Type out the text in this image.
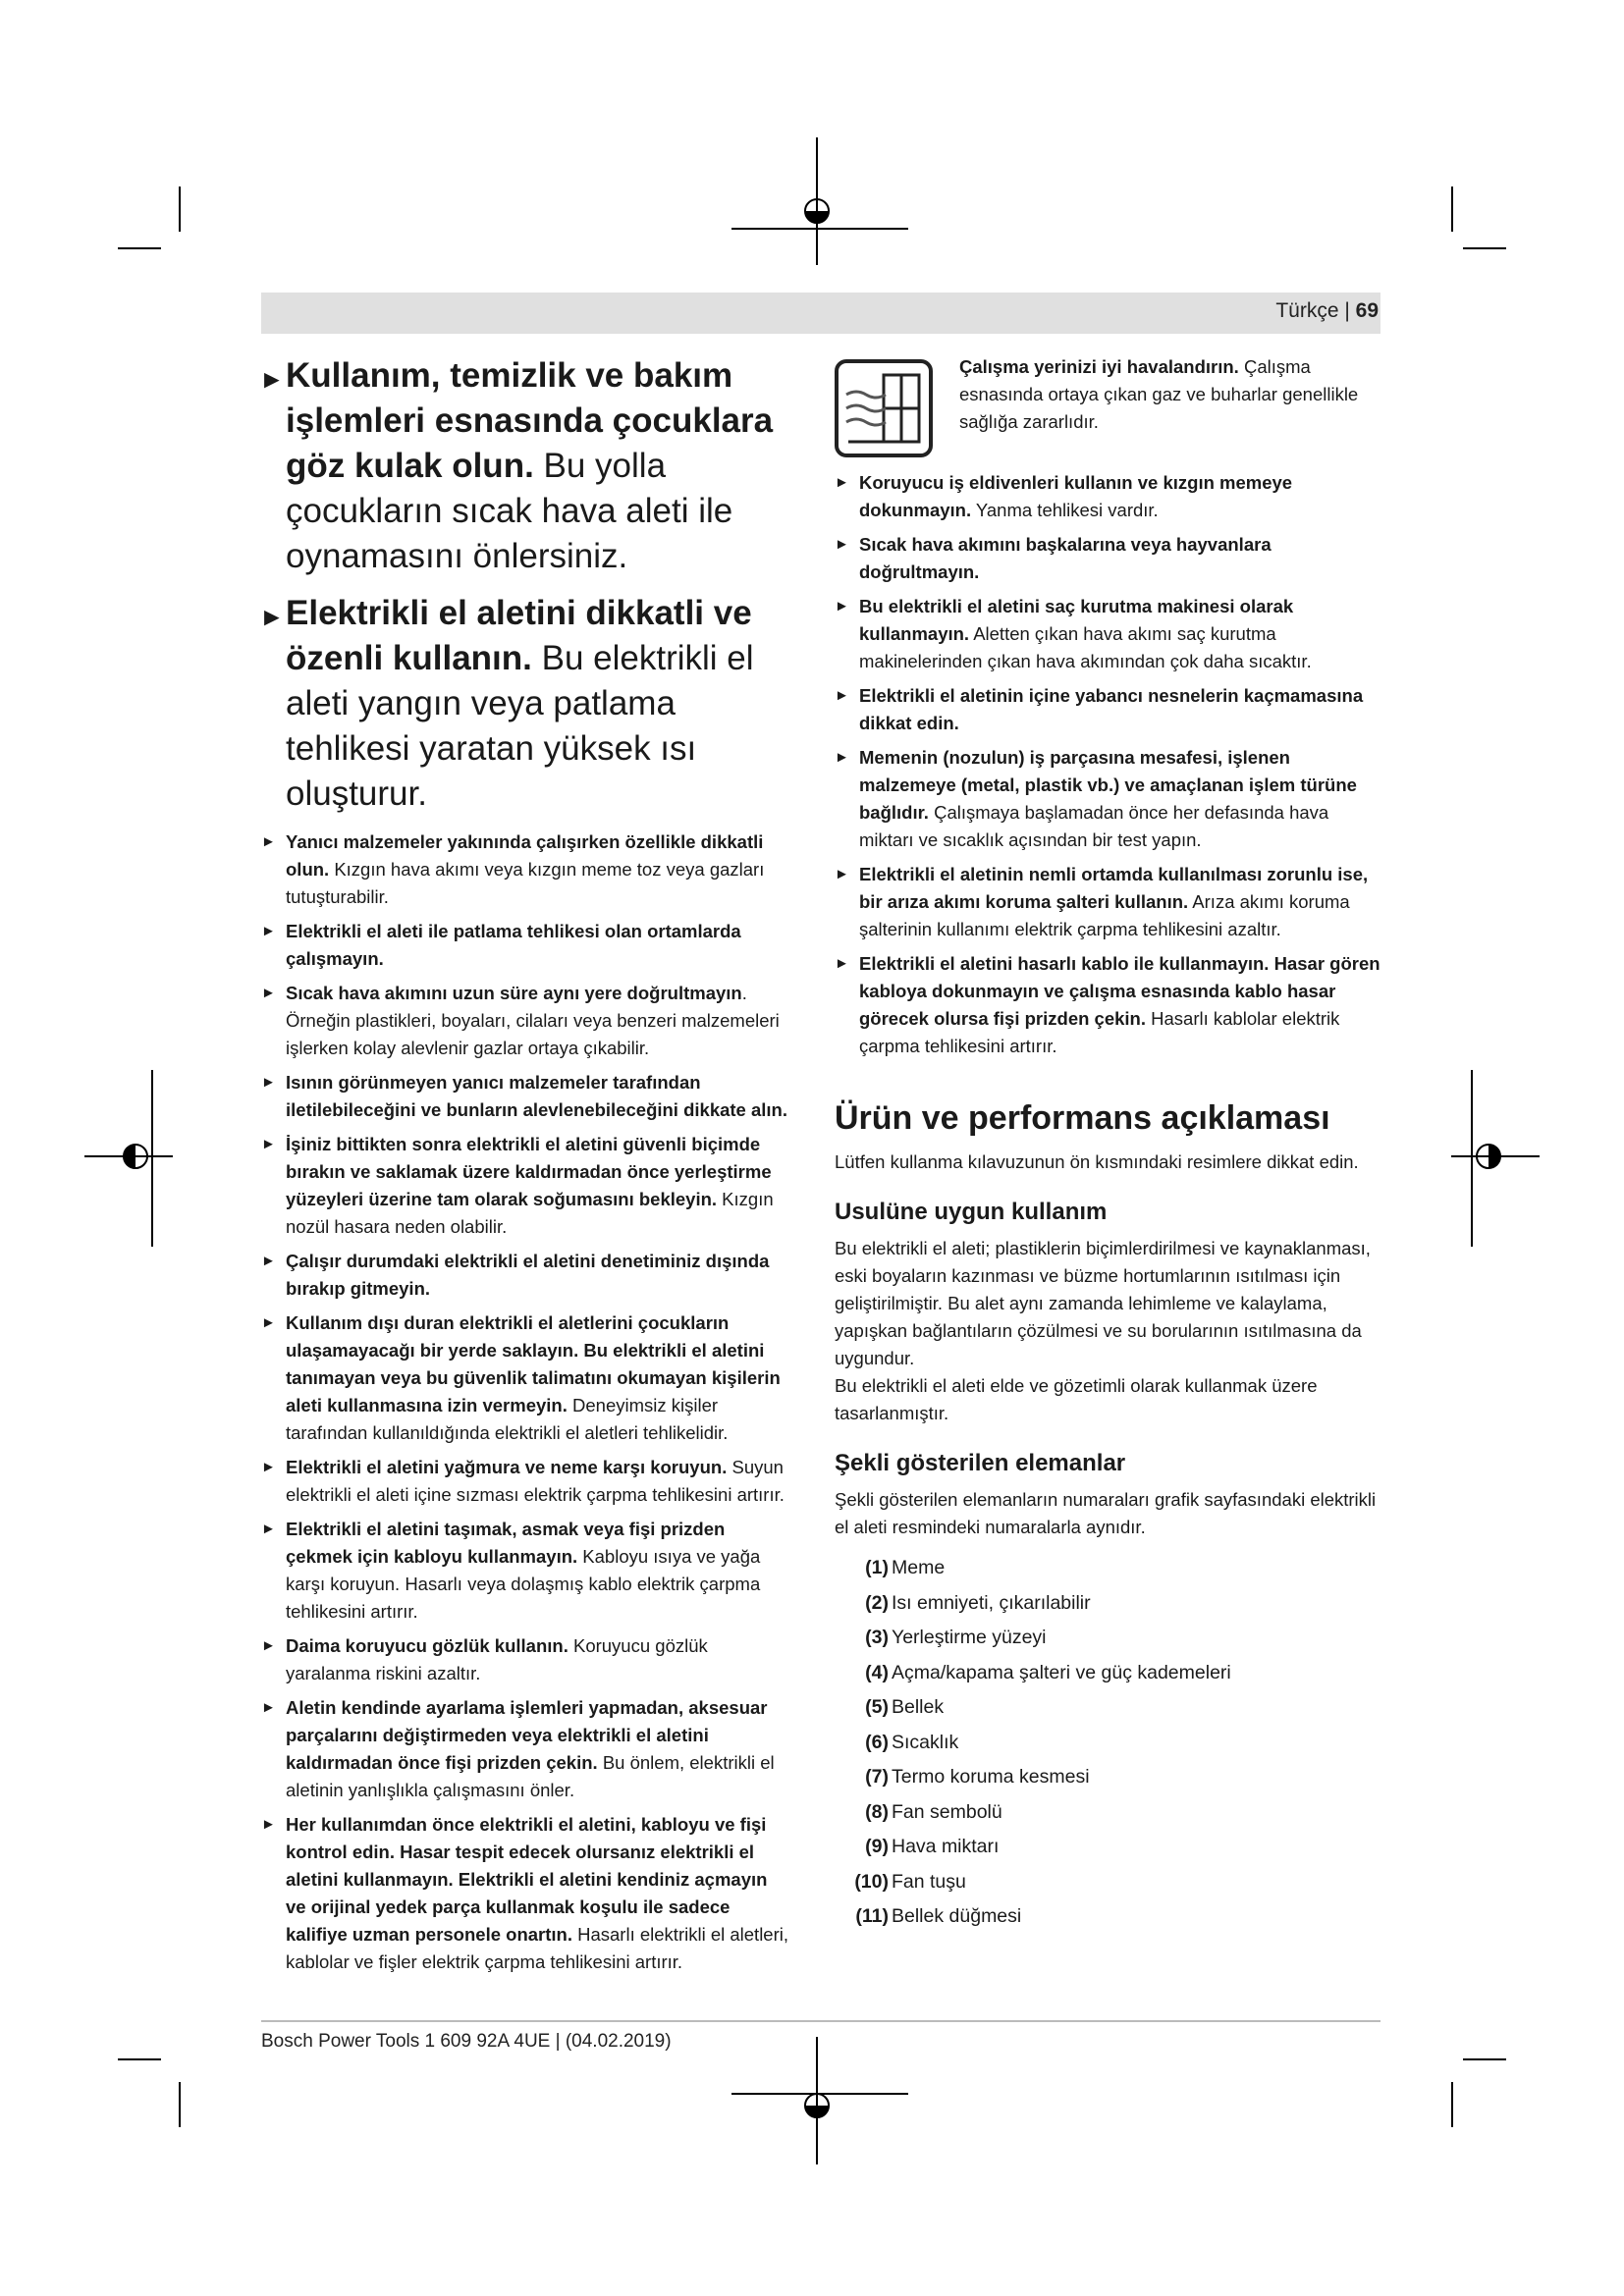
Türkçe | 69
► Kullanım, temizlik ve bakım işlemleri esnasında çocuklara göz kulak olun. Bu yolla çocukların sıcak hava aleti ile oynamasını önlersiniz.
► Elektrikli el aletini dikkatli ve özenli kullanın. Bu elektrikli el aleti yangın veya patlama tehlikesi yaratan yüksek ısı oluşturur.
► Yanıcı malzemeler yakınında çalışırken özellikle dikkatli olun. Kızgın hava akımı veya kızgın meme toz veya gazları tutuşturabilir.
► Elektrikli el aleti ile patlama tehlikesi olan ortamlarda çalışmayın.
► Sıcak hava akımını uzun süre aynı yere doğrultmayın. Örneğin plastikleri, boyaları, cilaları veya benzeri malzemeleri işlerken kolay alevlenir gazlar ortaya çıkabilir.
► Isının görünmeyen yanıcı malzemeler tarafından iletilebileceğini ve bunların alevlenebileceğini dikkate alın.
► İşiniz bittikten sonra elektrikli el aletini güvenli biçimde bırakın ve saklamak üzere kaldırmadan önce yerleştirme yüzeyleri üzerine tam olarak soğumasını bekleyin. Kızgın nozül hasara neden olabilir.
► Çalışır durumdaki elektrikli el aletini denetiminiz dışında bırakıp gitmeyin.
► Kullanım dışı duran elektrikli el aletlerini çocukların ulaşamayacağı bir yerde saklayın. Bu elektrikli el aletini tanımayan veya bu güvenlik talimatını okumayan kişilerin aleti kullanmasına izin vermeyin. Deneyimsiz kişiler tarafından kullanıldığında elektrikli el aletleri tehlikelidir.
► Elektrikli el aletini yağmura ve neme karşı koruyun. Suyun elektrikli el aleti içine sızması elektrik çarpma tehlikesini artırır.
► Elektrikli el aletini taşımak, asmak veya fişi prizden çekmek için kabloyu kullanmayın. Kabloyu ısıya ve yağa karşı koruyun. Hasarlı veya dolaşmış kablo elektrik çarpma tehlikesini artırır.
► Daima koruyucu gözlük kullanın. Koruyucu gözlük yaralanma riskini azaltır.
► Aletin kendinde ayarlama işlemleri yapmadan, aksesuar parçalarını değiştirmeden veya elektrikli el aletini kaldırmadan önce fişi prizden çekin. Bu önlem, elektrikli el aletinin yanlışlıkla çalışmasını önler.
► Her kullanımdan önce elektrikli el aletini, kabloyu ve fişi kontrol edin. Hasar tespit edecek olursanız elektrikli el aletini kullanmayın. Elektrikli el aletini kendiniz açmayın ve orijinal yedek parça kullanmak koşulu ile sadece kalifiye uzman personele onartın. Hasarlı elektrikli el aletleri, kablolar ve fişler elektrik çarpma tehlikesini artırır.
Çalışma yerinizi iyi havalandırın. Çalışma esnasında ortaya çıkan gaz ve buharlar genellikle sağlığa zararlıdır.
► Koruyucu iş eldivenleri kullanın ve kızgın memeye dokunmayın. Yanma tehlikesi vardır.
► Sıcak hava akımını başkalarına veya hayvanlara doğrultmayın.
► Bu elektrikli el aletini saç kurutma makinesi olarak kullanmayın. Aletten çıkan hava akımı saç kurutma makinelerinden çıkan hava akımından çok daha sıcaktır.
► Elektrikli el aletinin içine yabancı nesnelerin kaçmamasına dikkat edin.
► Memenin (nozulun) iş parçasına mesafesi, işlenen malzemeye (metal, plastik vb.) ve amaçlanan işlem türüne bağlıdır. Çalışmaya başlamadan önce her defasında hava miktarı ve sıcaklık açısından bir test yapın.
► Elektrikli el aletinin nemli ortamda kullanılması zorunlu ise, bir arıza akımı koruma şalteri kullanın. Arıza akımı koruma şalterinin kullanımı elektrik çarpma tehlikesini azaltır.
► Elektrikli el aletini hasarlı kablo ile kullanmayın. Hasar gören kabloya dokunmayın ve çalışma esnasında kablo hasar görecek olursa fişi prizden çekin. Hasarlı kablolar elektrik çarpma tehlikesini artırır.
Ürün ve performans açıklaması

Lütfen kullanma kılavuzunun ön kısmındaki resimlere dikkat edin.

Usulüne uygun kullanım

Bu elektrikli el aleti; plastiklerin biçimlerdirilmesi ve kaynaklanması, eski boyaların kazınması ve büzme hortumlarının ısıtılması için geliştirilmiştir. Bu alet aynı zamanda lehimleme ve kalaylama, yapışkan bağlantıların çözülmesi ve su borularının ısıtılmasına da uygundur.

Bu elektrikli el aleti elde ve gözetimli olarak kullanmak üzere tasarlanmıştır.

Şekli gösterilen elemanlar

Şekli gösterilen elemanların numaraları grafik sayfasındaki elektrikli el aleti resmindeki numaralarla aynıdır.

(1) Meme
(2) Isı emniyeti, çıkarılabilir
(3) Yerleştirme yüzeyi
(4) Açma/kapama şalteri ve güç kademeleri
(5) Bellek
(6) Sıcaklık
(7) Termo koruma kesmesi
(8) Fan sembolü
(9) Hava miktarı
(10) Fan tuşu
(11) Bellek düğmesi
Bosch Power Tools 1 609 92A 4UE | (04.02.2019)
